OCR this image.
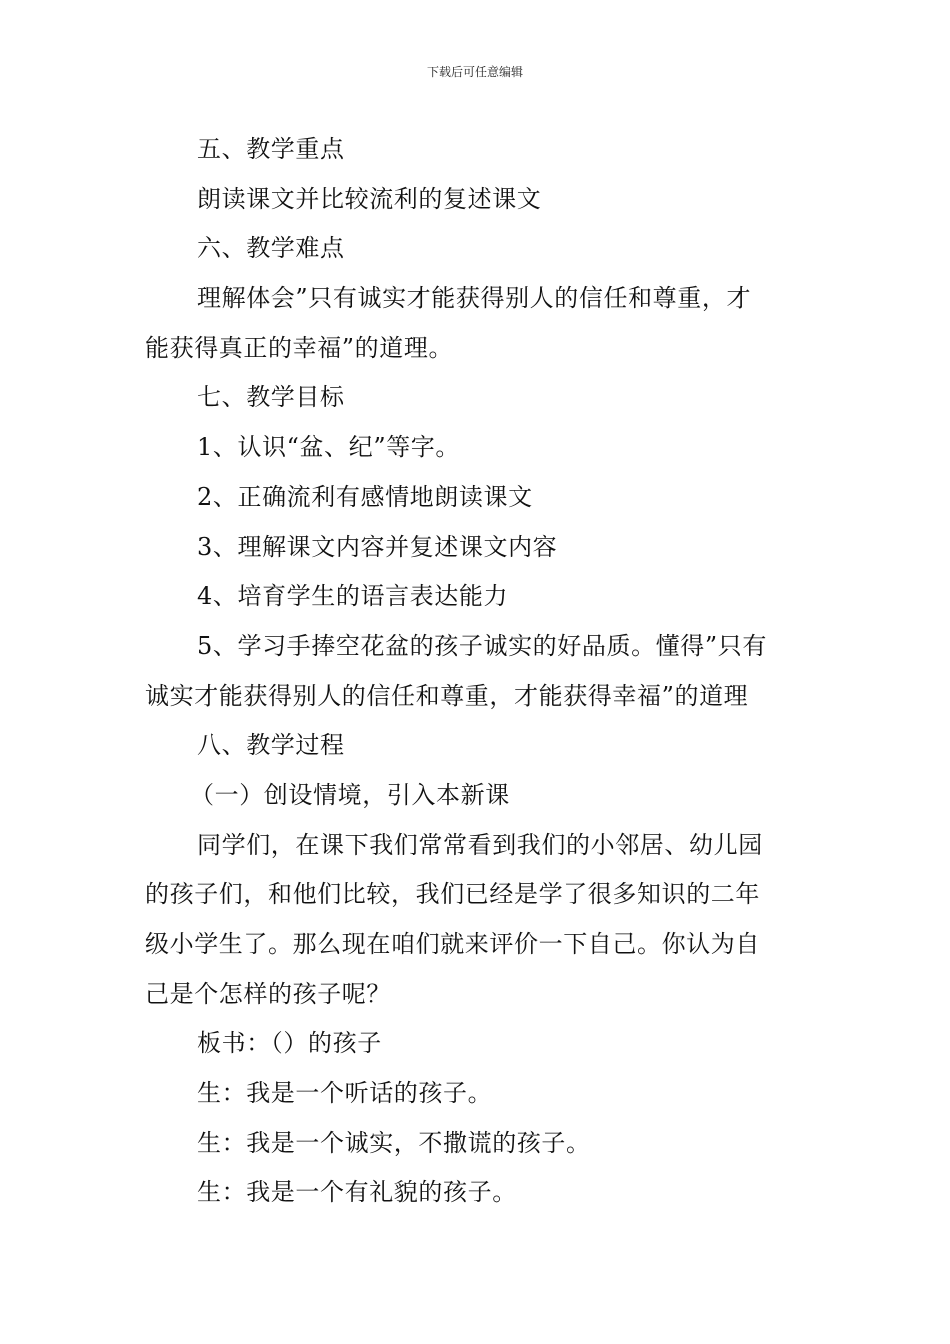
下载后可任意编辑
五、教学重点
朗读课文并比较流利的复述课文
六、教学难点
理解体会”只有诚实才能获得别人的信任和尊重，才
能获得真正的幸福”的道理。
七、教学目标
1、认识“盆、纪”等字。
2、正确流利有感情地朗读课文
3、理解课文内容并复述课文内容
4、培育学生的语言表达能力
5、学习手捧空花盆的孩子诚实的好品质。懂得”只有
诚实才能获得别人的信任和尊重，才能获得幸福”的道理
八、教学过程
（一）创设情境，引入本新课
同学们，在课下我们常常看到我们的小邻居、幼儿园
的孩子们，和他们比较，我们已经是学了很多知识的二年
级小学生了。那么现在咱们就来评价一下自己。你认为自
己是个怎样的孩子呢？
板书：（）的孩子
生：我是一个听话的孩子。
生：我是一个诚实，不撒谎的孩子。
生：我是一个有礼貌的孩子。
